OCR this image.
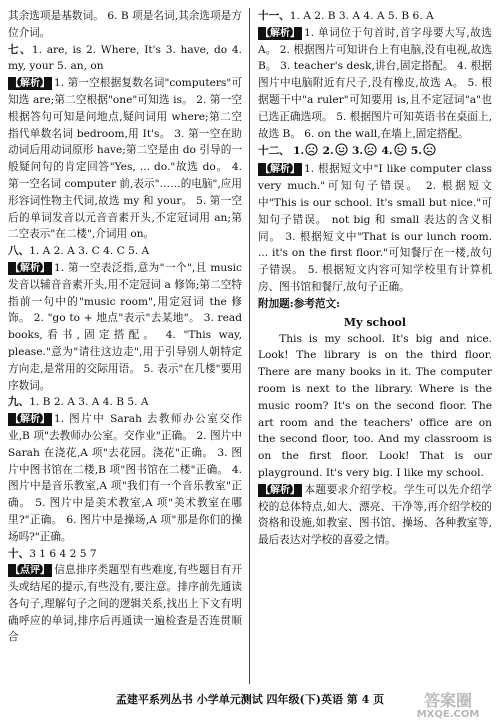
其余选项是基数词。 6. B 项是名词,其余选项是方位介词。

七、1. are, is 2. Where, It's 3. have, do 4. my, your 5. an, on

【解析】 1. 第一空根据复数名词"computers"可知选 are;第二空根据"one"可知选 is。 2. 第一空根据答句可知是问地点,疑问词用 where;第二空指代单数名词 bedroom,用 It's。 3. 第一空在助动词后用动词原形 have;第二空是由 do 引导的一般疑问句的肯定回答"Yes, ... do."故选 do。 4. 第一空名词 computer 前,表示"……的电脑",应用形容词性物主代词,故选 my 和 your。 5. 第一空后的单词发音以元音音素开头,不定冠词用 an;第二空表示"在二楼",介词用 on。

八、1. A 2. A 3. C 4. C 5. A

【解析】 1. 第一空表泛指,意为"一个",且 music 发音以辅音音素开头,用不定冠词 a 修饰;第二空特指前一句中的"music room",用定冠词 the 修饰。 2. "go to + 地点"表示"去某地"。 3. read books,看书,固定搭配。 4. "This way, please."意为"请往这边走",用于引导别人朝特定方向走,是常用的交际用语。 5. 表示"在几楼"要用序数词。

九、1. B 2. A 3. A 4. B 5. A

【解析】 1. 图片中 Sarah 去教师办公室交作业,B 项"去教师办公室。交作业"正确。 2. 图片中 Sarah 在浇花,A 项"去花园。浇花"正确。 3. 图片中图书馆在二楼,B 项"图书馆在二楼"正确。 4. 图片中是音乐教室,A 项"我们有一个音乐教室"正确。 5. 图片中是美术教室,A 项"美术教室在哪里?"正确。 6. 图片中是操场,A 项"那是你们的操场吗?"正确。

十、3 1 6 4 2 5 7

【点评】 信息排序类题型有些难度,有些题目有开头或结尾的提示,有些没有,要注意。排序前先通读各句子,理解句子之间的逻辑关系,找出上下文有明确呼应的单词,排序后再通读一遍检查是否连贯顺合

十一、1. A 2. B 3. A 4. A 5. B 6. A

【解析】 1. 单词位于句首时,首字母要大写,故选 A。 2. 根据图片可知讲台上有电脑,没有电视,故选 B。 3. teacher's desk,讲台,固定搭配。 4. 根据图片中电脑附近有尺子,没有橡皮,故选 A。 5. 根据题干中"a ruler"可知要用 is,且不定冠词"a"也已选正确选项。 5. 根据图片可知英语书在桌面上,故选 B。 6. on the wall,在墙上,固定搭配。

十二、 1. 2. 3. 4. 5.

【解析】 1. 根据短文中"I like computer class very much."可知句子错误。 2. 根据短文中"This is our school. It's small but nice."可知句子错误。 not big 和 small 表达的含义相同。 3. 根据短文中"That is our lunch room. ... it's on the first floor."可知餐厅在一楼,故句子错误。 5. 根据短文内容可知学校里有计算机房、图书馆和餐厅,故句子正确。

附加题:参考范文:

My school

This is my school. It's big and nice. Look! The library is on the third floor. There are many books in it. The computer room is next to the library. Where is the music room? It's on the second floor. The art room and the teachers' office are on the second floor, too. And my classroom is on the first floor. Look! That is our playground. It's very big. I like my school.

【解析】 本题要求介绍学校。学生可以先介绍学校的总体特点,如大、漂亮、干净等,再介绍学校的资格和设施,如教室、图书馆、操场、各种教室等,最后表达对学校的喜爱之情。

孟建平系列丛书 小学单元测试 四年级(下)英语 第 4 页	答案圈
MXQE.COM
